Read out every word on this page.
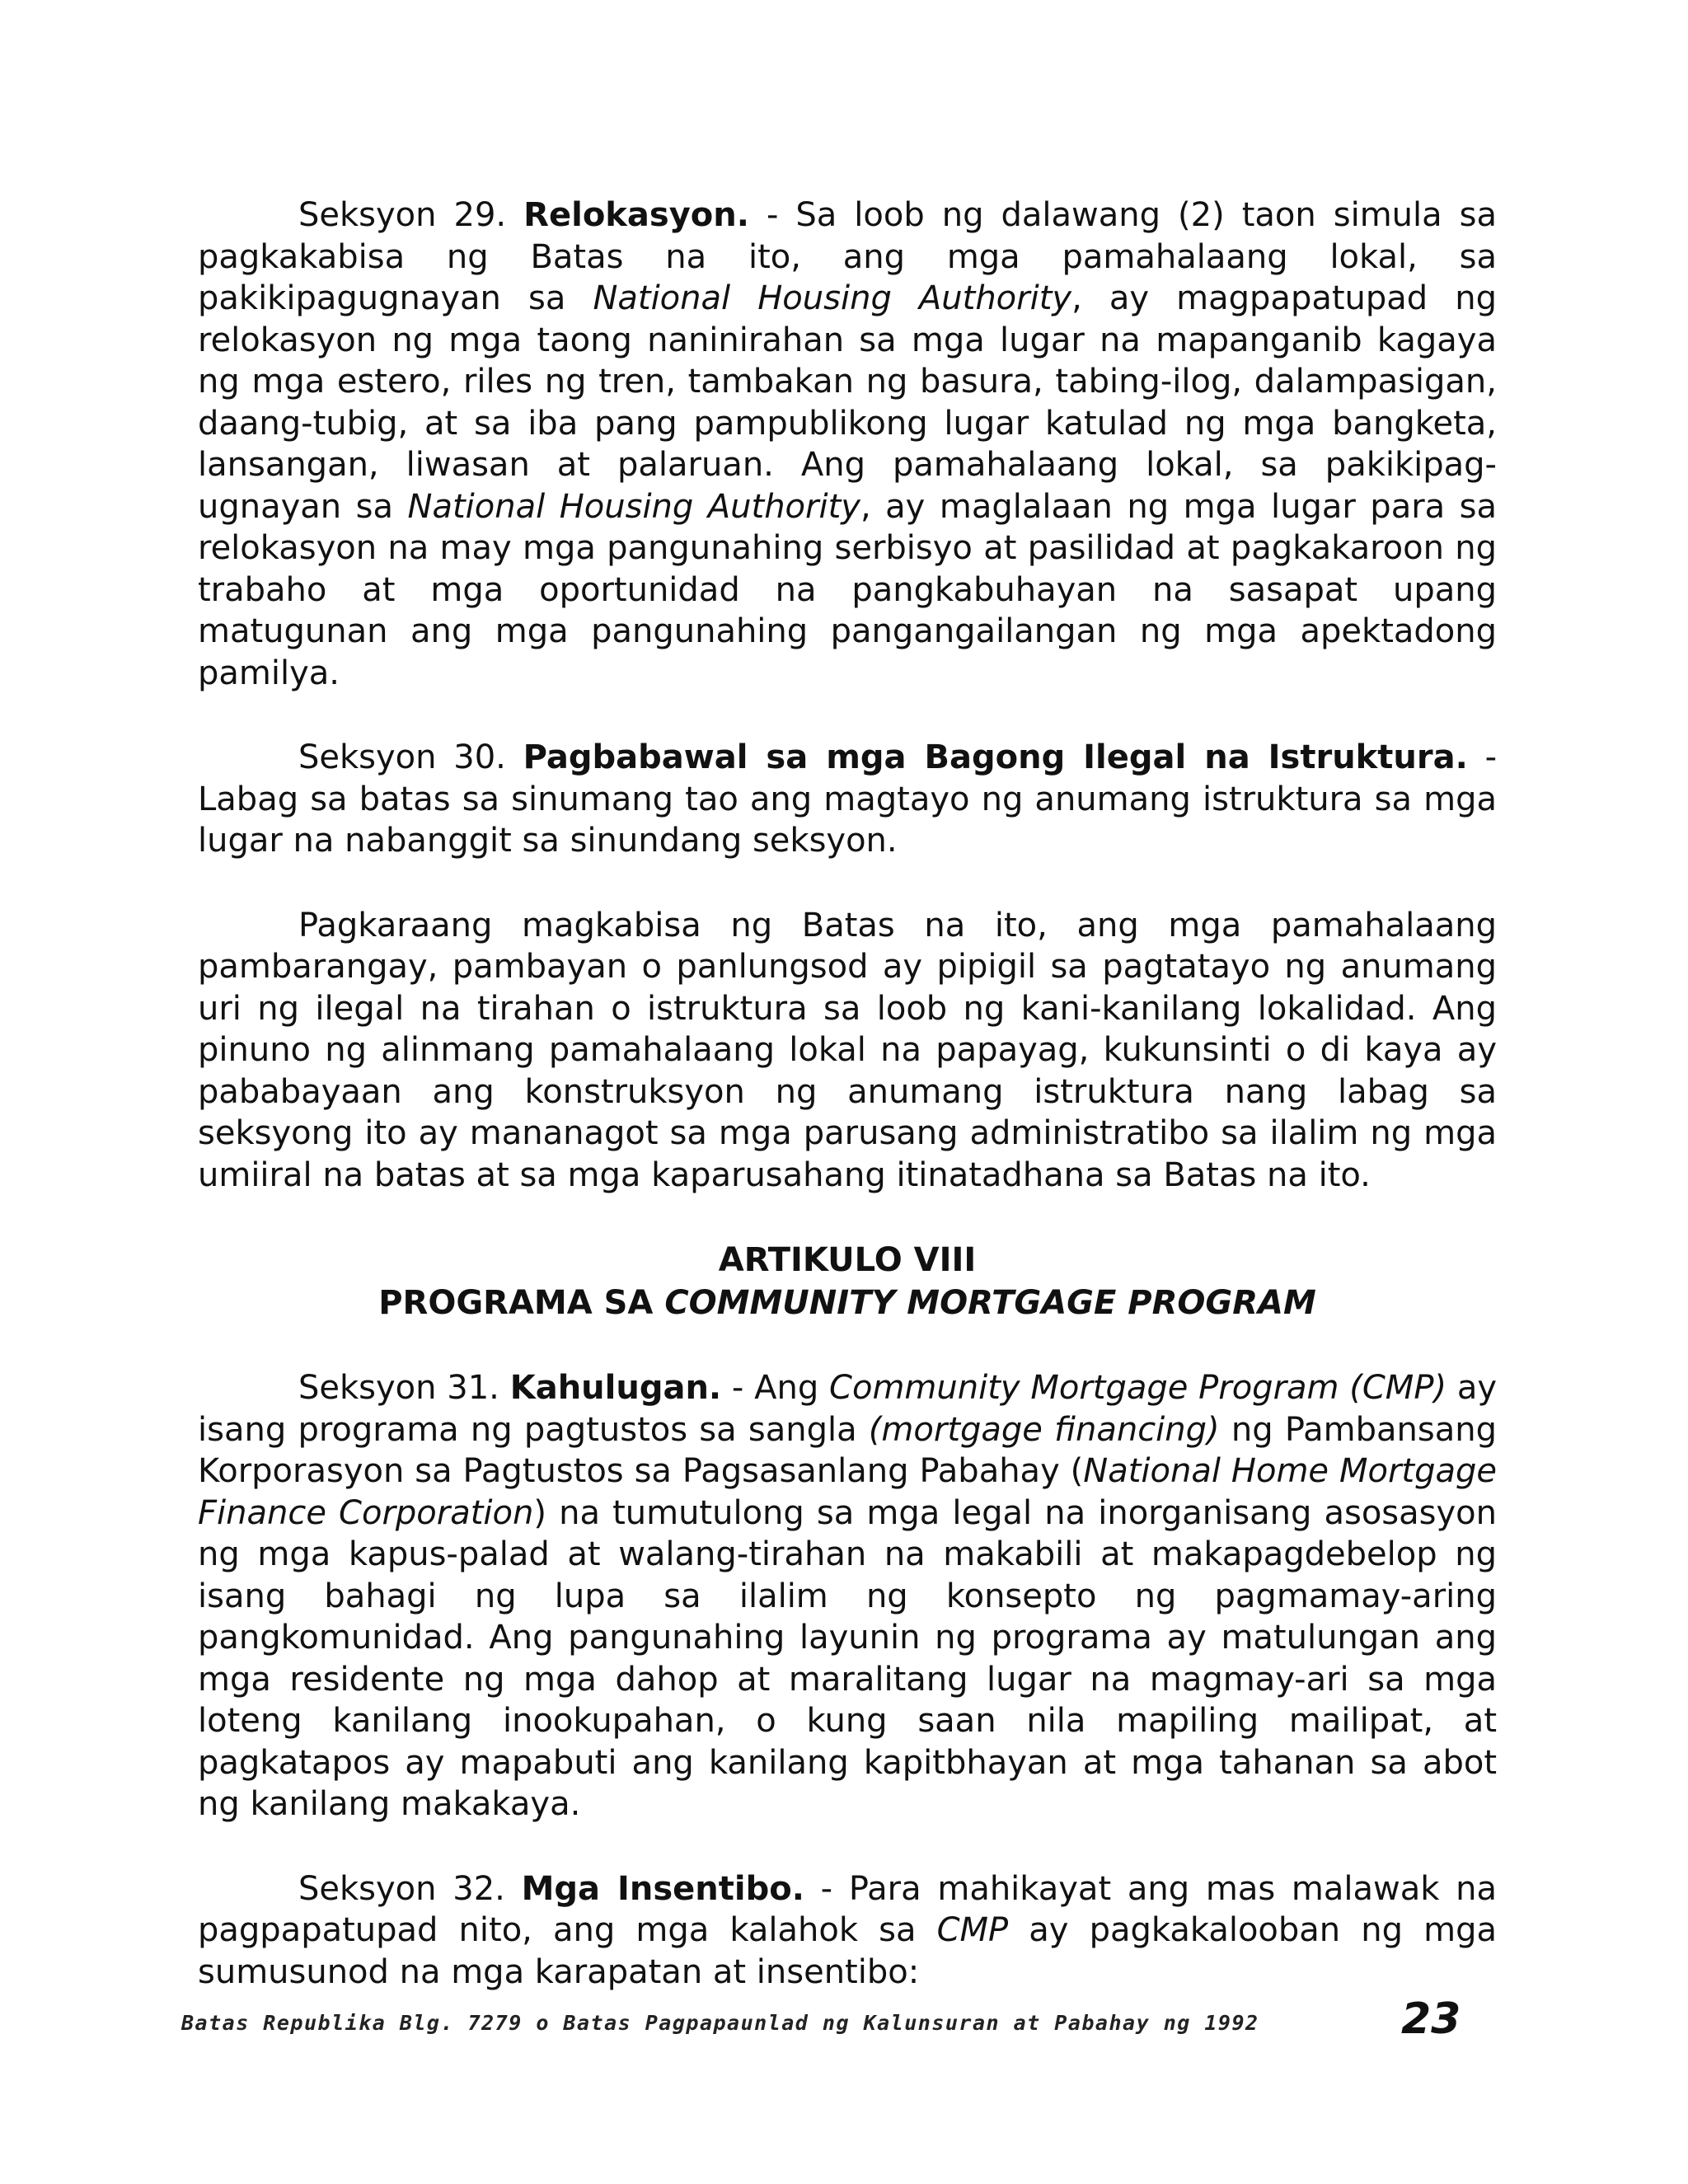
Seksyon 29. Relokasyon. - Sa loob ng dalawang (2) taon simula sa pagkakabisa ng Batas na ito, ang mga pamahalaang lokal, sa pakikipagugnayan sa National Housing Authority, ay magpapatupad ng relokasyon ng mga taong naninirahan sa mga lugar na mapanganib kagaya ng mga estero, riles ng tren, tambakan ng basura, tabing-ilog, dalampasigan, daang-tubig, at sa iba pang pampublikong lugar katulad ng mga bangketa, lansangan, liwasan at palaruan. Ang pamahalaang lokal, sa pakikipag-ugnayan sa National Housing Authority, ay maglalaan ng mga lugar para sa relokasyon na may mga pangunahing serbisyo at pasilidad at pagkakaroon ng trabaho at mga oportunidad na pangkabuhayan na sasapat upang matugunan ang mga pangunahing pangangailangan ng mga apektadong pamilya.

Seksyon 30. Pagbabawal sa mga Bagong Ilegal na Istruktura. - Labag sa batas sa sinumang tao ang magtayo ng anumang istruktura sa mga lugar na nabanggit sa sinundang seksyon.

Pagkaraang magkabisa ng Batas na ito, ang mga pamahalaang pambarangay, pambayan o panlungsod ay pipigil sa pagtatayo ng anumang uri ng ilegal na tirahan o istruktura sa loob ng kani-kanilang lokalidad. Ang pinuno ng alinmang pamahalaang lokal na papayag, kukunsinti o di kaya ay pababayaan ang konstruksyon ng anumang istruktura nang labag sa seksyong ito ay mananagot sa mga parusang administratibo sa ilalim ng mga umiiral na batas at sa mga kaparusahang itinatadhana sa Batas na ito.

ARTIKULO VIII
PROGRAMA SA COMMUNITY MORTGAGE PROGRAM

Seksyon 31. Kahulugan. - Ang Community Mortgage Program (CMP) ay isang programa ng pagtustos sa sangla (mortgage financing) ng Pambansang Korporasyon sa Pagtustos sa Pagsasanlang Pabahay (National Home Mortgage Finance Corporation) na tumutulong sa mga legal na inorganisang asosasyon ng mga kapus-palad at walang-tirahan na makabili at makapagdebelop ng isang bahagi ng lupa sa ilalim ng konsepto ng pagmamay-aring pangkomunidad. Ang pangunahing layunin ng programa ay matulungan ang mga residente ng mga dahop at maralitang lugar na magmay-ari sa mga loteng kanilang inookupahan, o kung saan nila mapiling mailipat, at pagkatapos ay mapabuti ang kanilang kapitbhayan at mga tahanan sa abot ng kanilang makakaya.

Seksyon 32. Mga Insentibo. - Para mahikayat ang mas malawak na pagpapatupad nito, ang mga kalahok sa CMP ay pagkakalooban ng mga sumusunod na mga karapatan at insentibo:

Batas Republika Blg. 7279 o Batas Pagpapaunlad ng Kalunsuran at Pabahay ng 1992	23
